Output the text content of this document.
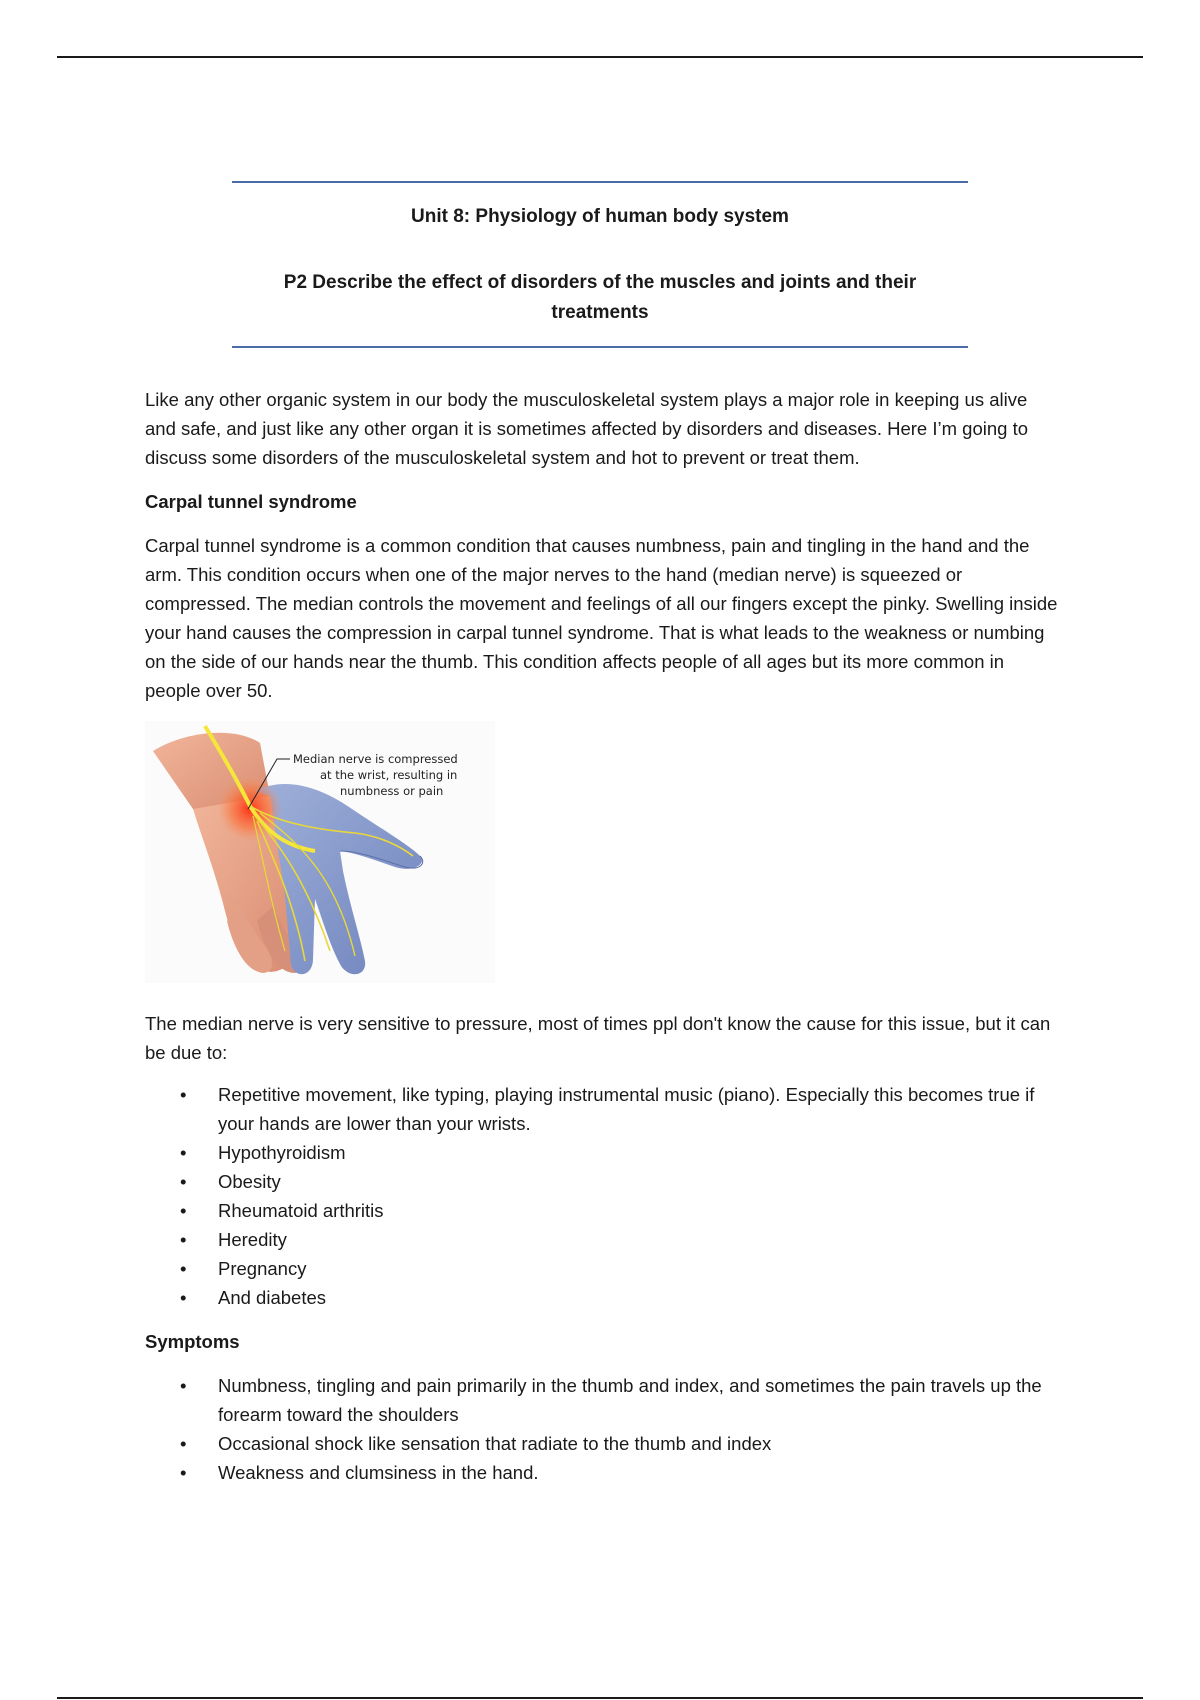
Unit 8: Physiology of human body system
P2 Describe the effect of disorders of the muscles and joints and their treatments

Like any other organic system in our body the musculoskeletal system plays a major role in keeping us alive and safe, and just like any other organ it is sometimes affected by disorders and diseases. Here I’m going to discuss some disorders of the musculoskeletal system and hot to prevent or treat them.

Carpal tunnel syndrome

Carpal tunnel syndrome is a common condition that causes numbness, pain and tingling in the hand and the arm. This condition occurs when one of the major nerves to the hand (median nerve) is squeezed or compressed. The median controls the movement and feelings of all our fingers except the pinky. Swelling inside your hand causes the compression in carpal tunnel syndrome. That is what leads to the weakness or numbing on the side of our hands near the thumb. This condition affects people of all ages but its more common in people over 50.

Median nerve is compressed
at the wrist, resulting in
numbness or pain

The median nerve is very sensitive to pressure, most of times ppl don't know the cause for this issue, but it can be due to:

• Repetitive movement, like typing, playing instrumental music (piano). Especially this becomes true if your hands are lower than your wrists.
• Hypothyroidism
• Obesity
• Rheumatoid arthritis
• Heredity
• Pregnancy
• And diabetes

Symptoms

• Numbness, tingling and pain primarily in the thumb and index, and sometimes the pain travels up the forearm toward the shoulders
• Occasional shock like sensation that radiate to the thumb and index
• Weakness and clumsiness in the hand.
